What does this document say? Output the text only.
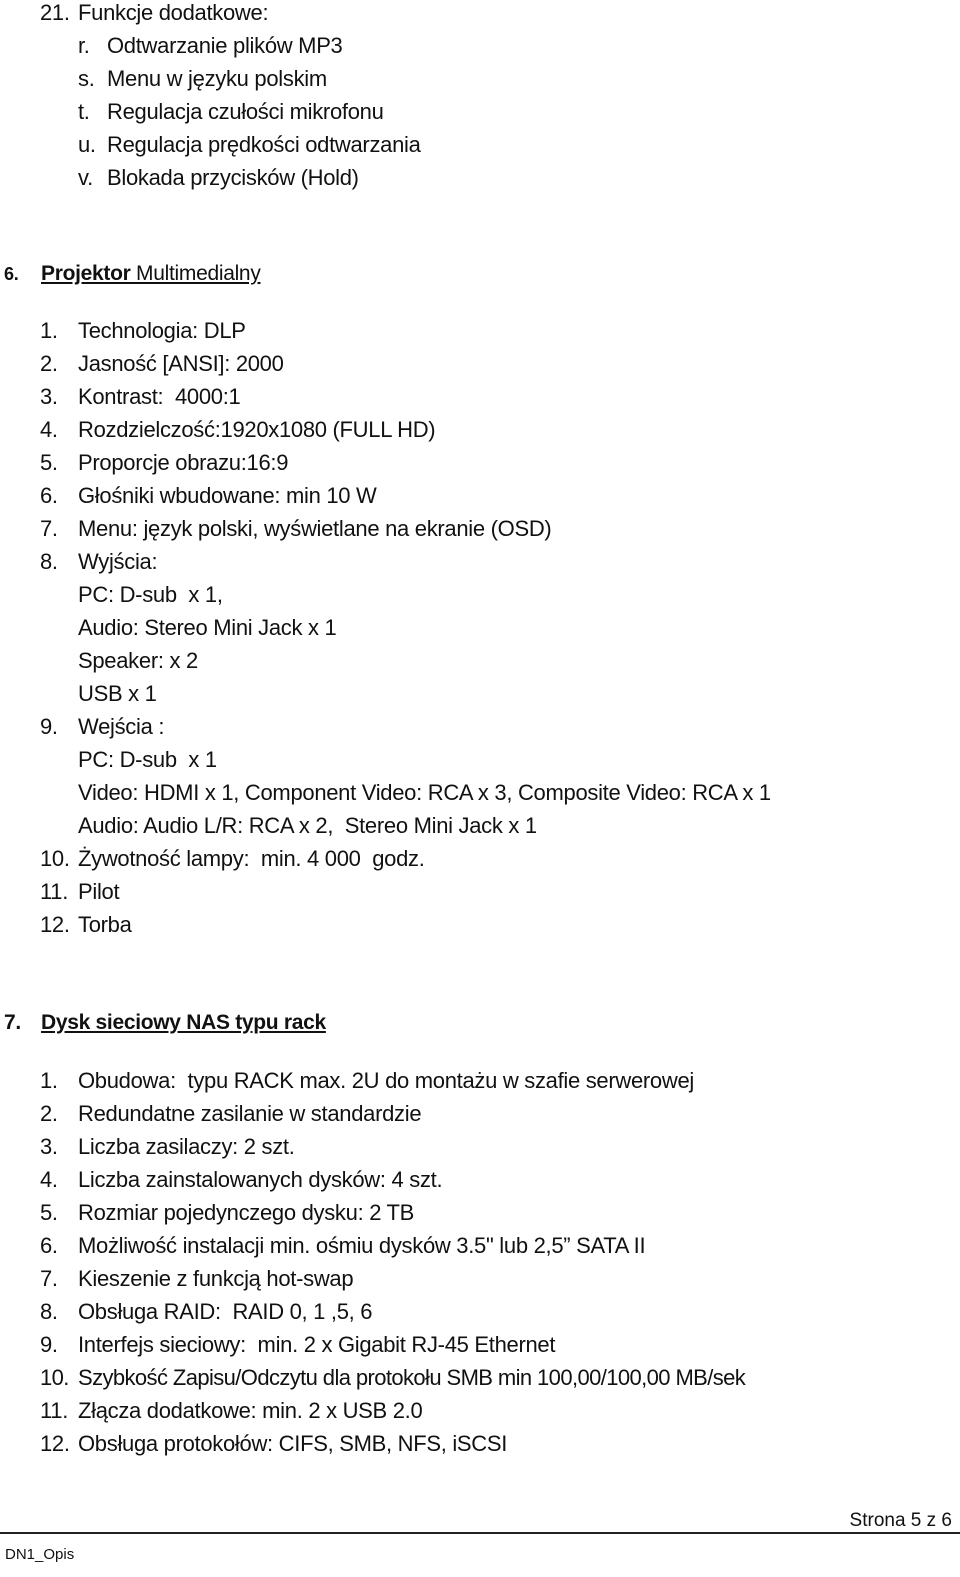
21. Funkcje dodatkowe:
r. Odtwarzanie plików MP3
s. Menu w języku polskim
t. Regulacja czułości mikrofonu
u. Regulacja prędkości odtwarzania
v. Blokada przycisków (Hold)
6. Projektor Multimedialny
1. Technologia: DLP
2. Jasność [ANSI]: 2000
3. Kontrast:  4000:1
4. Rozdzielczość:1920x1080 (FULL HD)
5. Proporcje obrazu:16:9
6. Głośniki wbudowane: min 10 W
7. Menu: język polski, wyświetlane na ekranie (OSD)
8. Wyjścia:
PC: D-sub  x 1,
Audio: Stereo Mini Jack x 1
Speaker: x 2
USB x 1
9. Wejścia :
PC: D-sub  x 1
Video: HDMI x 1, Component Video: RCA x 3, Composite Video: RCA x 1
Audio: Audio L/R: RCA x 2,  Stereo Mini Jack x 1
10. Żywotność lampy:  min. 4 000  godz.
11. Pilot
12. Torba
7. Dysk sieciowy NAS typu rack
1. Obudowa:  typu RACK max. 2U do montażu w szafie serwerowej
2. Redundatne zasilanie w standardzie
3. Liczba zasilaczy: 2 szt.
4. Liczba zainstalowanych dysków: 4 szt.
5. Rozmiar pojedynczego dysku: 2 TB
6. Możliwość instalacji min. ośmiu dysków 3.5" lub 2,5” SATA II
7. Kieszenie z funkcją hot-swap
8. Obsługa RAID:  RAID 0, 1 ,5, 6
9. Interfejs sieciowy:  min. 2 x Gigabit RJ-45 Ethernet
10. Szybkość Zapisu/Odczytu dla protokołu SMB min 100,00/100,00 MB/sek
11. Złącza dodatkowe: min. 2 x USB 2.0
12. Obsługa protokołów: CIFS, SMB, NFS, iSCSI
Strona 5 z 6
DN1_Opis
